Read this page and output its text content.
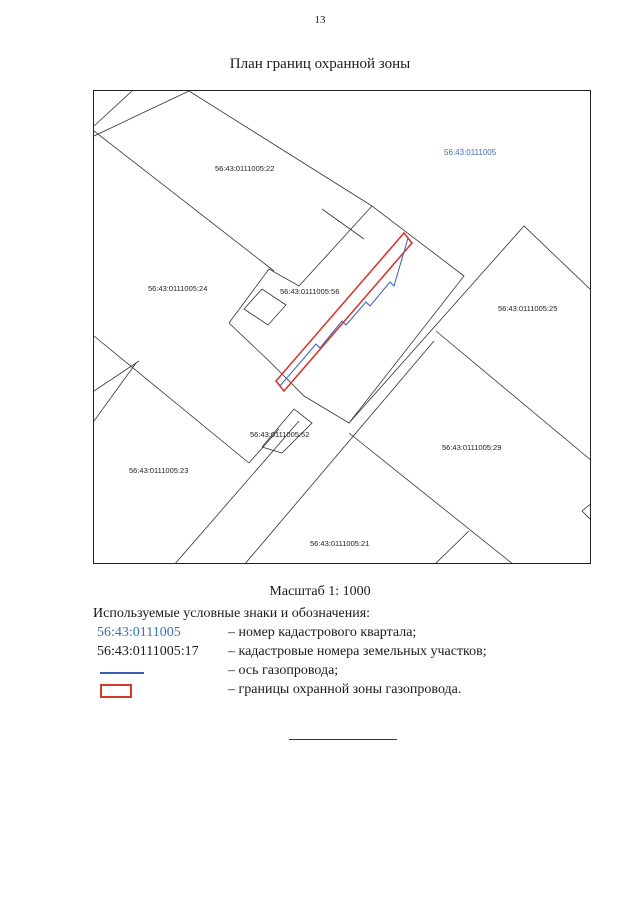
13
План границ охранной зоны
56:43:0111005
56:43:0111005:22
56:43:0111005:24	56:43:0111005:56
56:43:0111005:25
56:43:0111005:52
56:43:0111005:29
56:43:0111005:23
56:43:0111005:21
Масштаб 1: 1000
Используемые условные знаки и обозначения:
56:43:0111005	– номер кадастрового квартала;
56:43:0111005:17 – кадастровые номера земельных участков;
– ось газопровода;
– границы охранной зоны газопровода.
